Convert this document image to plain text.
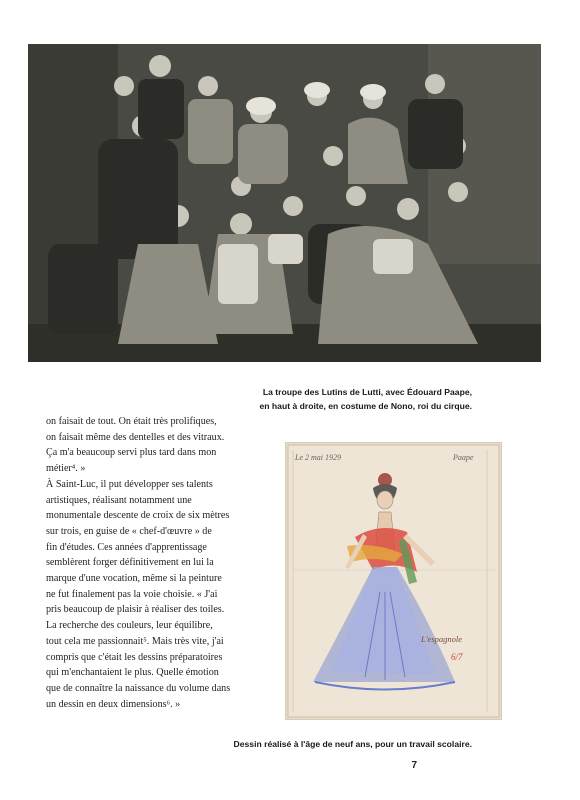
La troupe des Lutins de Lutti, avec Édouard Paape,
en haut à droite, en costume de Nono, roi du cirque.

on faisait de tout. On était très prolifiques,

on faisait même des dentelles et des vitraux.

Ça m'a beaucoup servi plus tard dans mon

métier⁴. »

À Saint-Luc, il put développer ses talents

artistiques, réalisant notamment une

monumentale descente de croix de six mètres

sur trois, en guise de « chef-d'œuvre » de

fin d'études. Ces années d'apprentissage

semblèrent forger définitivement en lui la

marque d'une vocation, même si la peinture

ne fut finalement pas la voie choisie. « J'ai

pris beaucoup de plaisir à réaliser des toiles.

La recherche des couleurs, leur équilibre,

tout cela me passionnait⁵. Mais très vite, j'ai

compris que c'était les dessins préparatoires

qui m'enchantaient le plus. Quelle émotion

que de connaître la naissance du volume dans

un dessin en deux dimensions⁶. »

Le 2 mai 1929	Paape
L'espagnole
6/7
Dessin réalisé à l'âge de neuf ans, pour un travail scolaire.
7
